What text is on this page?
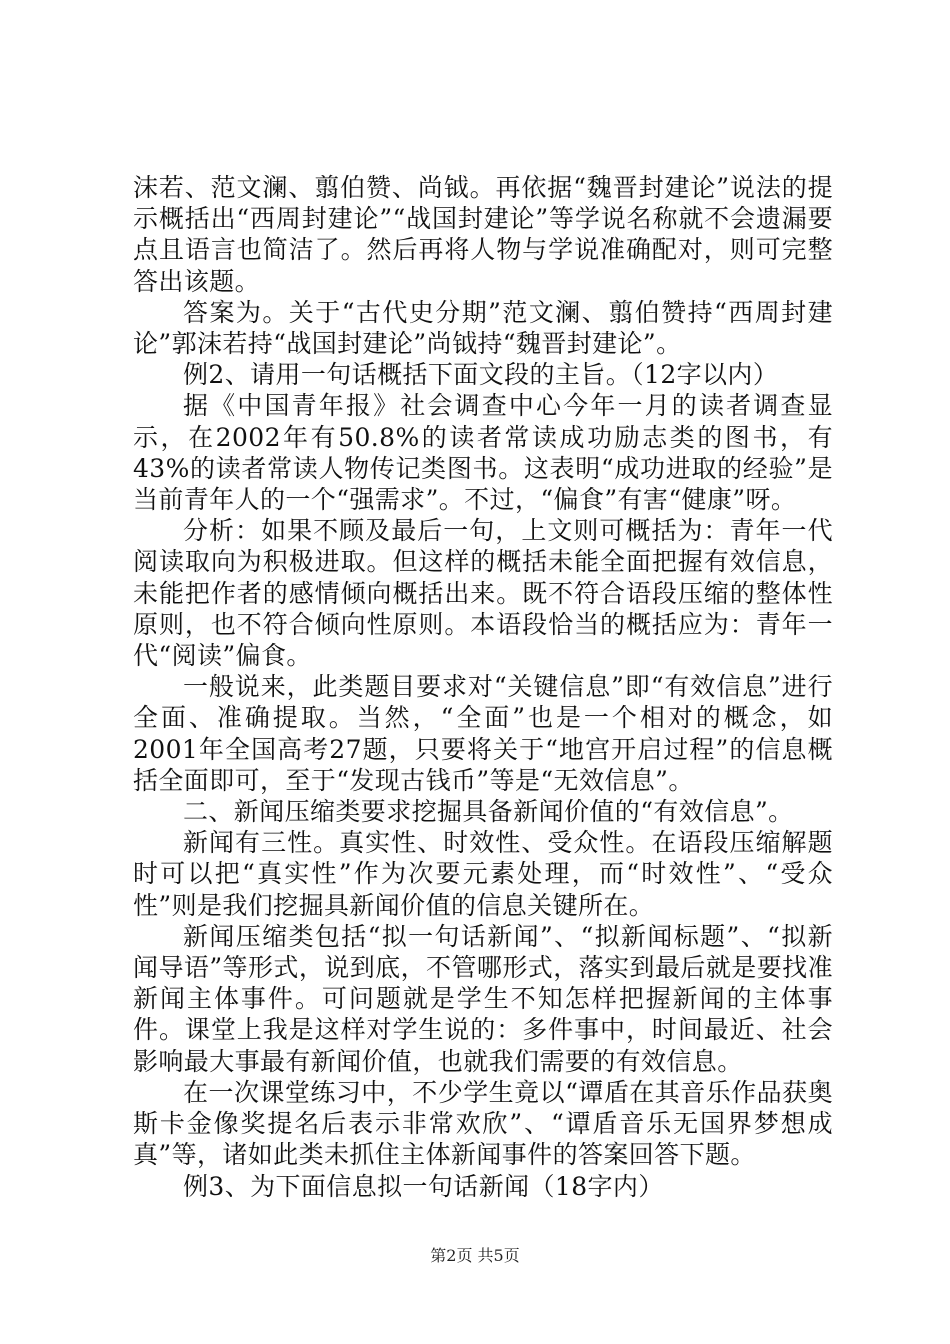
沫若、范文澜、翦伯赞、尚钺。再依据“魏晋封建论”说法的提示概括出“西周封建论”“战国封建论”等学说名称就不会遗漏要点且语言也简洁了。然后再将人物与学说准确配对，则可完整答出该题。

答案为。关于“古代史分期”范文澜、翦伯赞持“西周封建论”郭沫若持“战国封建论”尚钺持“魏晋封建论”。

例2、请用一句话概括下面文段的主旨。（12字以内）

据《中国青年报》社会调查中心今年一月的读者调查显示，在2002年有50.8%的读者常读成功励志类的图书，有43%的读者常读人物传记类图书。这表明“成功进取的经验”是当前青年人的一个“强需求”。不过，“偏食”有害“健康”呀。

分析：如果不顾及最后一句，上文则可概括为：青年一代阅读取向为积极进取。但这样的概括未能全面把握有效信息，未能把作者的感情倾向概括出来。既不符合语段压缩的整体性原则，也不符合倾向性原则。本语段恰当的概括应为：青年一代“阅读”偏食。

一般说来，此类题目要求对“关键信息”即“有效信息”进行全面、准确提取。当然，“全面”也是一个相对的概念，如2001年全国高考27题，只要将关于“地宫开启过程”的信息概括全面即可，至于“发现古钱币”等是“无效信息”。

二、新闻压缩类要求挖掘具备新闻价值的“有效信息”。

新闻有三性。真实性、时效性、受众性。在语段压缩解题时可以把“真实性”作为次要元素处理，而“时效性”、“受众性”则是我们挖掘具新闻价值的信息关键所在。

新闻压缩类包括“拟一句话新闻”、“拟新闻标题”、“拟新闻导语”等形式，说到底，不管哪形式，落实到最后就是要找准新闻主体事件。可问题就是学生不知怎样把握新闻的主体事件。课堂上我是这样对学生说的：多件事中，时间最近、社会影响最大事最有新闻价值，也就我们需要的有效信息。

在一次课堂练习中，不少学生竟以“谭盾在其音乐作品获奥斯卡金像奖提名后表示非常欢欣”、“谭盾音乐无国界梦想成真”等，诸如此类未抓住主体新闻事件的答案回答下题。

例3、为下面信息拟一句话新闻（18字内）

第2页 共5页
